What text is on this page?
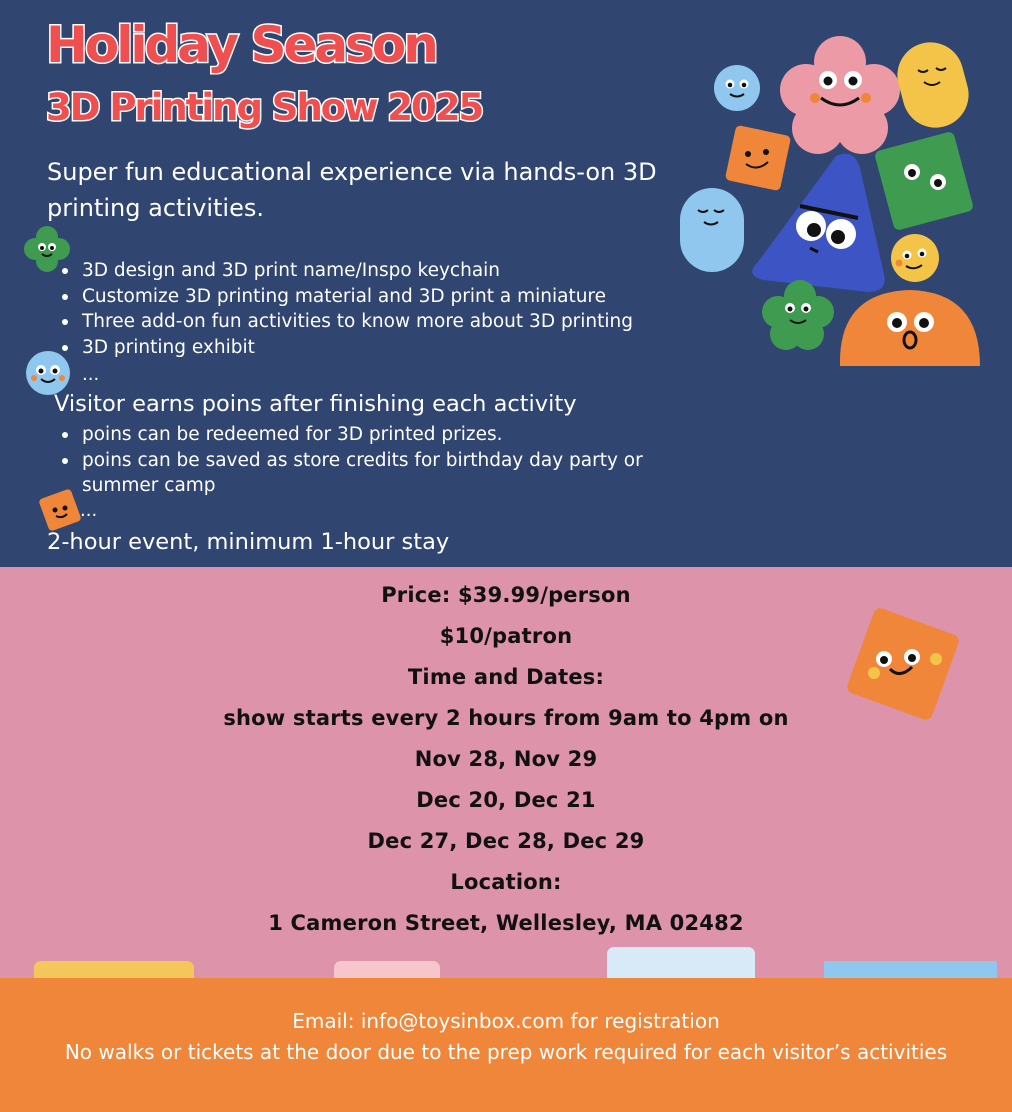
Holiday Season
3D Printing Show 2025

Super fun educational experience via hands-on 3D printing activities.

3D design and 3D print name/Inspo keychain
Customize 3D printing material and 3D print a miniature
Three add-on fun activities to know more about 3D printing
3D printing exhibit
...
Visitor earns poins after finishing each activity
poins can be redeemed for 3D printed prizes.
poins can be saved as store credits for birthday day party or summer camp
...
2-hour event, minimum 1-hour stay
Price: $39.99/person
$10/patron
Time and Dates:
show starts every 2 hours from 9am to 4pm on
Nov 28, Nov 29
Dec 20, Dec 21
Dec 27, Dec 28, Dec 29
Location:
1 Cameron Street, Wellesley, MA 02482
Email: info@toysinbox.com for registration
No walks or tickets at the door due to the prep work required for each visitor’s activities
